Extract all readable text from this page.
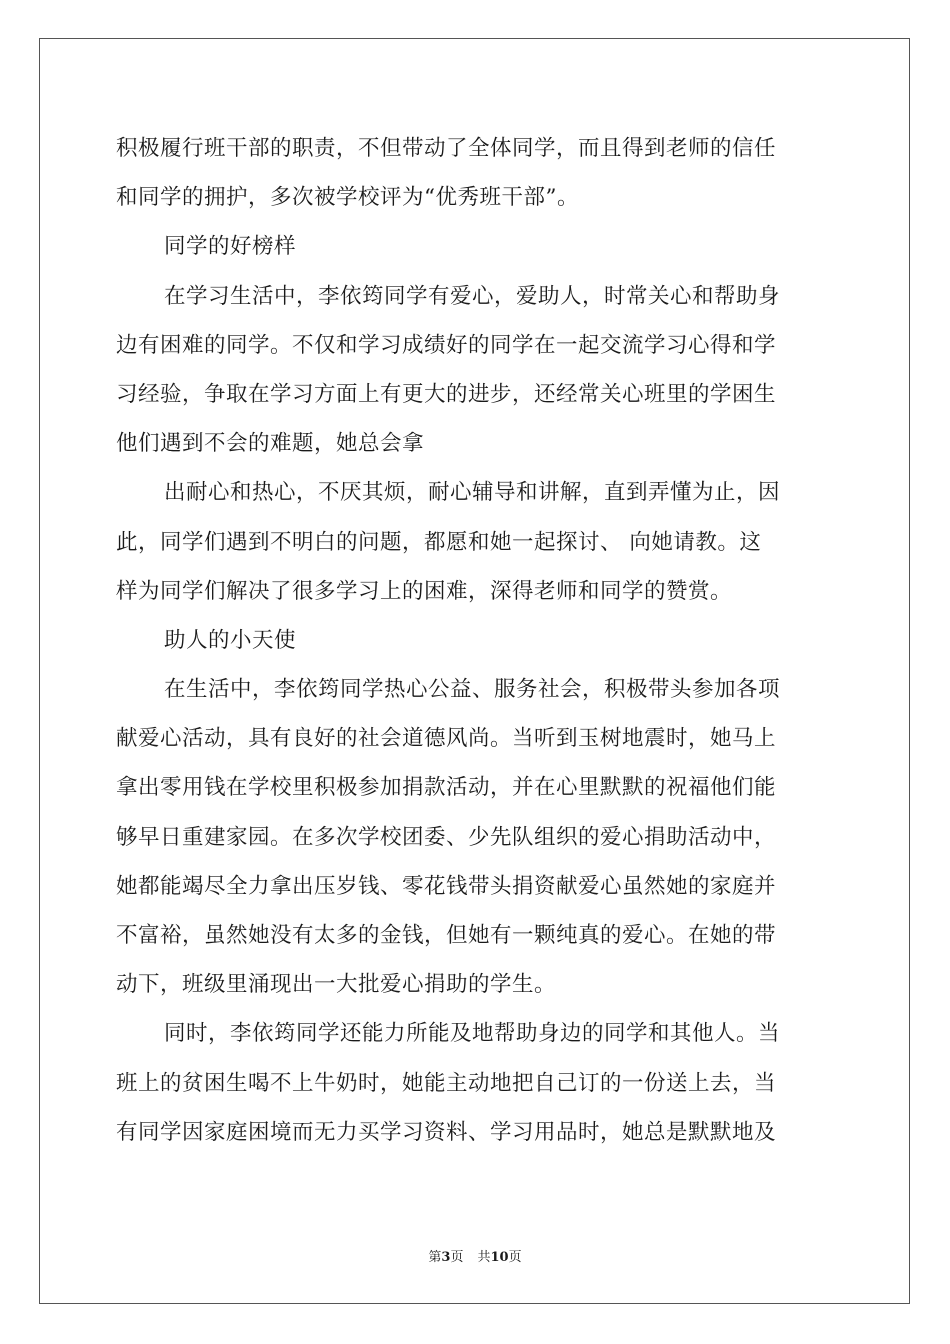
积极履行班干部的职责，不但带动了全体同学，而且得到老师的信任
和同学的拥护，多次被学校评为“优秀班干部”。
同学的好榜样
在学习生活中，李依筠同学有爱心，爱助人，时常关心和帮助身
边有困难的同学。不仅和学习成绩好的同学在一起交流学习心得和学
习经验，争取在学习方面上有更大的进步，还经常关心班里的学困生
他们遇到不会的难题，她总会拿
出耐心和热心，不厌其烦，耐心辅导和讲解，直到弄懂为止，因
此，同学们遇到不明白的问题，都愿和她一起探讨、 向她请教。这
样为同学们解决了很多学习上的困难，深得老师和同学的赞赏。
助人的小天使
在生活中，李依筠同学热心公益、服务社会，积极带头参加各项
献爱心活动，具有良好的社会道德风尚。当听到玉树地震时，她马上
拿出零用钱在学校里积极参加捐款活动，并在心里默默的祝福他们能
够早日重建家园。在多次学校团委、少先队组织的爱心捐助活动中，
她都能竭尽全力拿出压岁钱、零花钱带头捐资献爱心虽然她的家庭并
不富裕，虽然她没有太多的金钱，但她有一颗纯真的爱心。在她的带
动下，班级里涌现出一大批爱心捐助的学生。
同时，李依筠同学还能力所能及地帮助身边的同学和其他人。当
班上的贫困生喝不上牛奶时，她能主动地把自己订的一份送上去，当
有同学因家庭困境而无力买学习资料、学习用品时，她总是默默地及
第3页 共10页
